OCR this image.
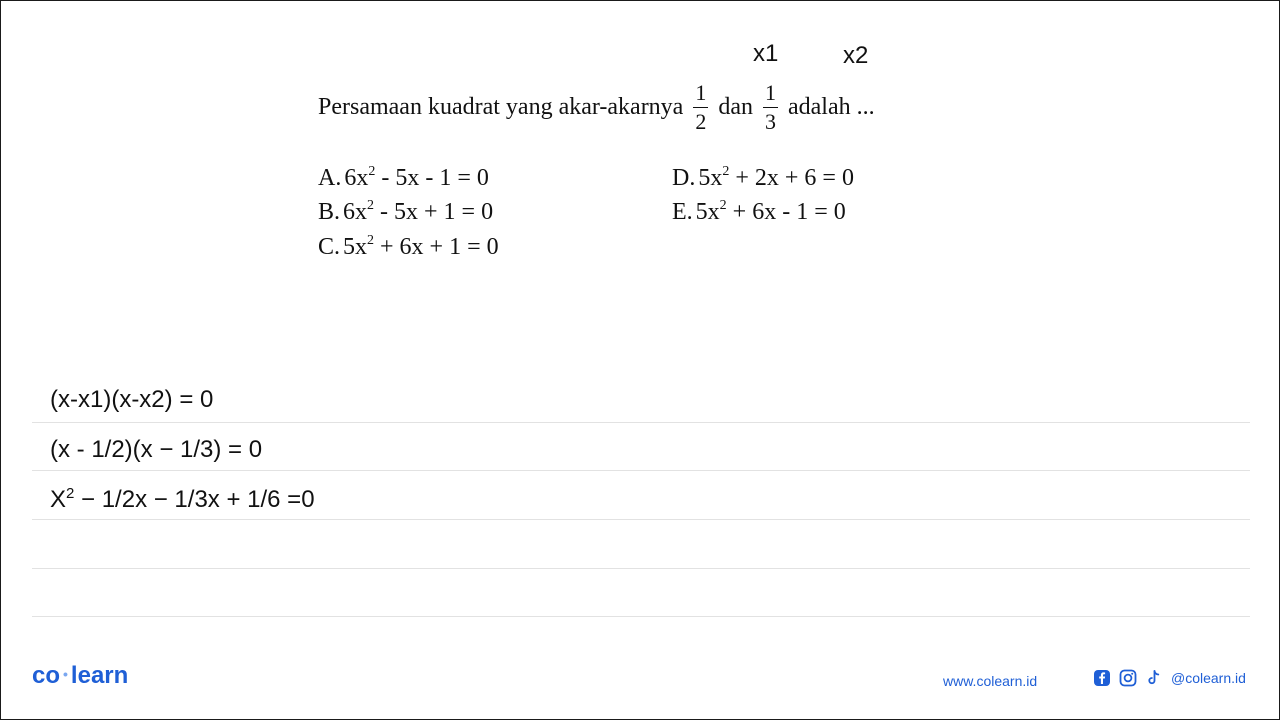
x1	x2
Persamaan kuadrat yang akar-akarnya $\frac{1}{2}$ dan $\frac{1}{3}$ adalah ...
A. $6x^2 - 5x - 1 = 0$
B. $6x^2 - 5x + 1 = 0$
C. $5x^2 + 6x + 1 = 0$
D. $5x^2 + 2x + 6 = 0$
E. $5x^2 + 6x - 1 = 0$
(x-x1)(x-x2) = 0
(x - 1/2)(x − 1/3) = 0
$X^2 - 1/2x - 1/3x + 1/6 =0$
co • learn	www.colearn.id	@colearn.id
